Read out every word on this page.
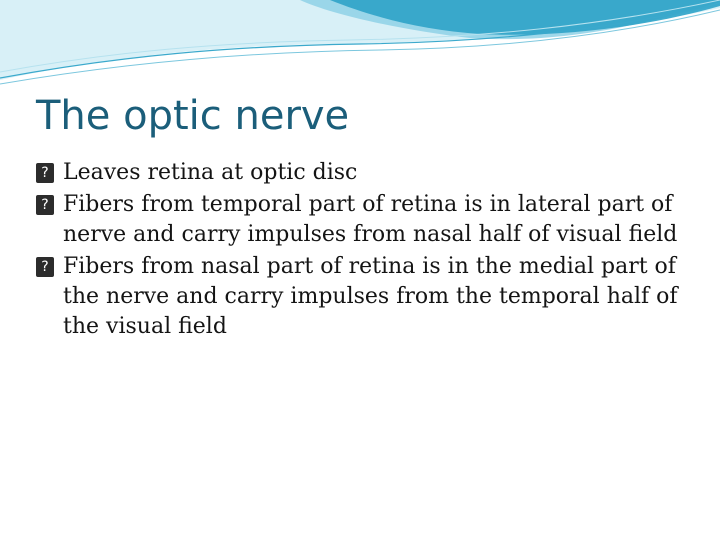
The optic nerve
?
Leaves retina at optic disc
?
Fibers from temporal part of retina is in lateral part of nerve and carry impulses from nasal half of visual field
?
Fibers from nasal part of retina is in the medial part of the nerve and carry impulses from the temporal half of the visual field
